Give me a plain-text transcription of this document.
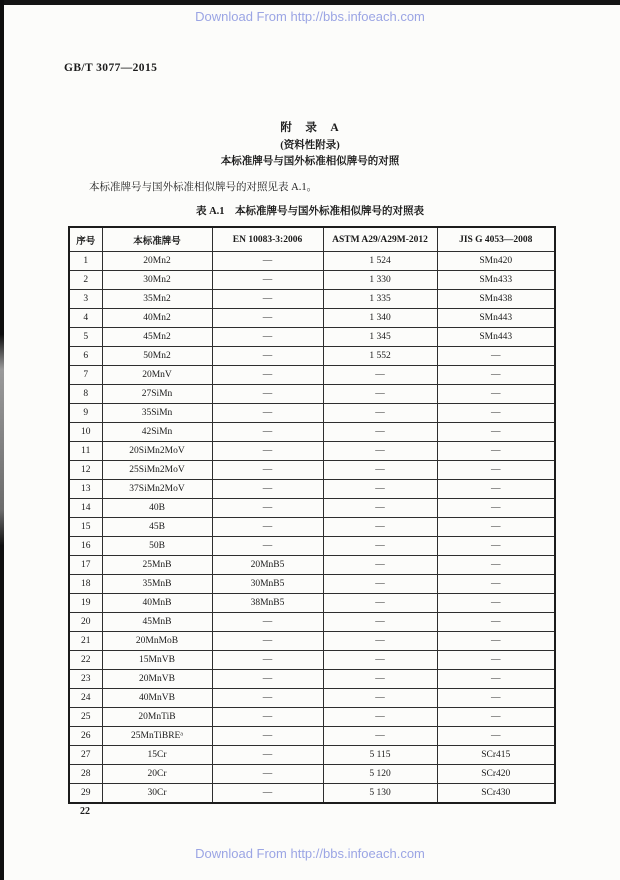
Download From http://bbs.infoeach.com
GB/T 3077—2015
附　录　A
(资料性附录)
本标准牌号与国外标准相似牌号的对照
本标准牌号与国外标准相似牌号的对照见表 A.1。
表 A.1　本标准牌号与国外标准相似牌号的对照表
序号	本标准牌号	EN 10083-3:2006	ASTM A29/A29M-2012	JIS G 4053—2008
1	20Mn2	—	1 524	SMn420
2	30Mn2	—	1 330	SMn433
3	35Mn2	—	1 335	SMn438
4	40Mn2	—	1 340	SMn443
5	45Mn2	—	1 345	SMn443
6	50Mn2	—	1 552	—
7	20MnV	—	—	—
8	27SiMn	—	—	—
9	35SiMn	—	—	—
10	42SiMn	—	—	—
11	20SiMn2MoV	—	—	—
12	25SiMn2MoV	—	—	—
13	37SiMn2MoV	—	—	—
14	40B	—	—	—
15	45B	—	—	—
16	50B	—	—	—
17	25MnB	20MnB5	—	—
18	35MnB	30MnB5	—	—
19	40MnB	38MnB5	—	—
20	45MnB	—	—	—
21	20MnMoB	—	—	—
22	15MnVB	—	—	—
23	20MnVB	—	—	—
24	40MnVB	—	—	—
25	20MnTiB	—	—	—
26	25MnTiBREᵃ	—	—	—
27	15Cr	—	5 115	SCr415
28	20Cr	—	5 120	SCr420
29	30Cr	—	5 130	SCr430
22
Download From http://bbs.infoeach.com
